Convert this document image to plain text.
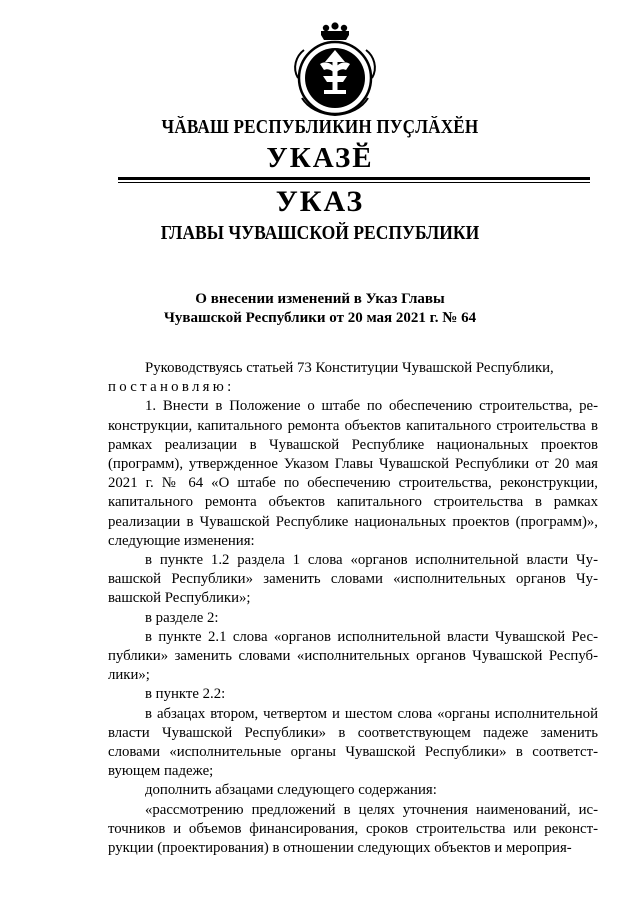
ЧӐВАШ РЕСПУБЛИКИН ПУҪЛӐХӖН
УКАЗӖ
УКАЗ
ГЛАВЫ ЧУВАШСКОЙ РЕСПУБЛИКИ
О внесении изменений в Указ Главы
Чувашской Республики от 20 мая 2021 г. № 64

Руководствуясь статьей 73 Конституции Чувашской Республики,

постановляю:

1. Внести в Положение о штабе по обеспечению строительства, реконструкции, капитального ремонта объектов капитального строительства в рамках реализации в Чувашской Республике национальных проектов (программ), утвержденное Указом Главы Чувашской Республики от 20 мая 2021 г. № 64 «О штабе по обеспечению строительства, реконструкции, капитального ремонта объектов капитального строительства в рамках реализации в Чувашской Республике национальных проектов (программ)», следующие изменения:

в пункте 1.2 раздела 1 слова «органов исполнительной власти Чувашской Республики» заменить словами «исполнительных органов Чувашской Республики»;

в разделе 2:

в пункте 2.1 слова «органов исполнительной власти Чувашской Республики» заменить словами «исполнительных органов Чувашской Республики»;

в пункте 2.2:

в абзацах втором, четвертом и шестом слова «органы исполнительной власти Чувашской Республики» в соответствующем падеже заменить словами «исполнительные органы Чувашской Республики» в соответствующем падеже;

дополнить абзацами следующего содержания:

«рассмотрению предложений в целях уточнения наименований, источников и объемов финансирования, сроков строительства или реконструкции (проектирования) в отношении следующих объектов и мероприя-
